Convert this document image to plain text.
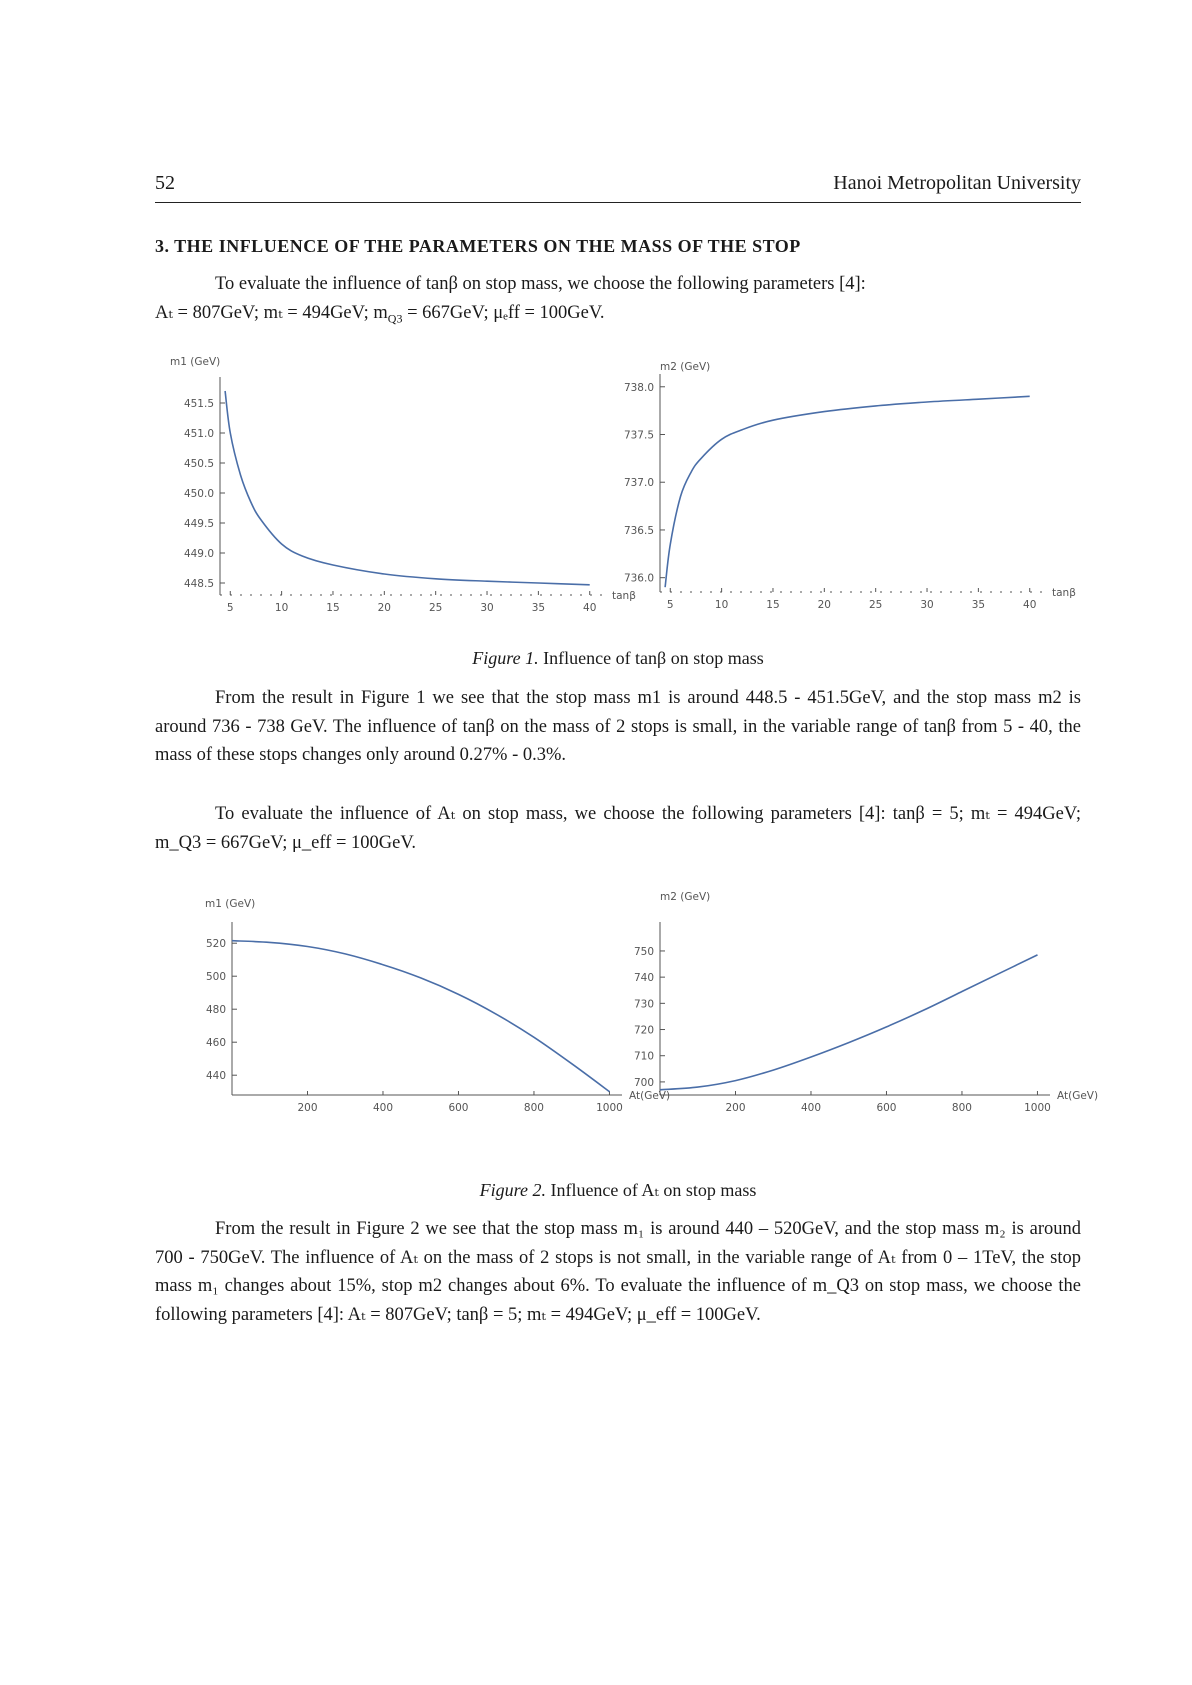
52	Hanoi Metropolitan University
3. THE INFLUENCE OF THE PARAMETERS ON THE MASS OF THE STOP
To evaluate the influence of tanβ on stop mass, we choose the following parameters [4]:
Aₜ = 807GeV; mₜ = 494GeV; $m_{Q3} = 667GeV$; μₑff = 100GeV.
448.5
449.0
449.5
450.0
450.5
451.0
451.5
5	10	15	20	25	30	35	40
m1 (GeV)
tanβ
736.0
736.5
737.0
737.5
738.0
5	10	15	20	25	30	35	40
m2 (GeV)
tanβ
Figure 1. Influence of tanβ on stop mass
From the result in Figure 1 we see that the stop mass m1 is around 448.5 - 451.5GeV, and the stop mass m2 is around 736 - 738 GeV. The influence of tanβ on the mass of 2 stops is small, in the variable range of tanβ from 5 - 40, the mass of these stops changes only around 0.27% - 0.3%.
To evaluate the influence of Aₜ on stop mass, we choose the following parameters [4]: tanβ = 5; mₜ = 494GeV; m_Q3 = 667GeV; μ_eff = 100GeV.
440
460
480
500
520
200	400	600	800	1000
m1 (GeV)
At(GeV)
700
710
720
730
740
750
200	400	600	800	1000
m2 (GeV)
At(GeV)
Figure 2. Influence of Aₜ on stop mass
From the result in Figure 2 we see that the stop mass m₁ is around 440 – 520GeV, and the stop mass m₂ is around 700 - 750GeV. The influence of Aₜ on the mass of 2 stops is not small, in the variable range of Aₜ from 0 – 1TeV, the stop mass m₁ changes about 15%, stop m2 changes about 6%. To evaluate the influence of m_Q3 on stop mass, we choose the following parameters [4]: Aₜ = 807GeV; tanβ = 5; mₜ = 494GeV; μ_eff = 100GeV.
